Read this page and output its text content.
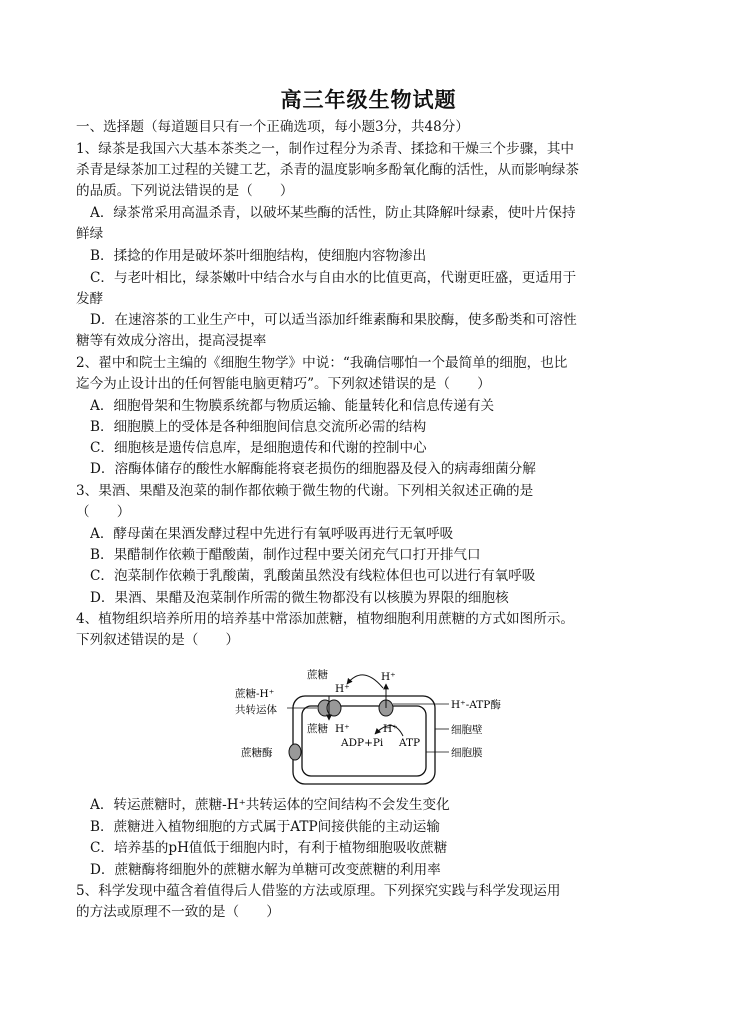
高三年级生物试题
一、选择题（每道题目只有一个正确选项，每小题3分，共48分）
1、绿茶是我国六大基本茶类之一，制作过程分为杀青、揉捻和干燥三个步骤，其中
杀青是绿茶加工过程的关键工艺，杀青的温度影响多酚氧化酶的活性，从而影响绿茶
的品质。下列说法错误的是（　　）
A．绿茶常采用高温杀青，以破坏某些酶的活性，防止其降解叶绿素，使叶片保持
鲜绿
B．揉捻的作用是破坏茶叶细胞结构，使细胞内容物渗出
C．与老叶相比，绿茶嫩叶中结合水与自由水的比值更高，代谢更旺盛，更适用于
发酵
D．在速溶茶的工业生产中，可以适当添加纤维素酶和果胶酶，使多酚类和可溶性
糖等有效成分溶出，提高浸提率
2、翟中和院士主编的《细胞生物学》中说：“我确信哪怕一个最简单的细胞，也比
迄今为止设计出的任何智能电脑更精巧”。下列叙述错误的是（　　）
A．细胞骨架和生物膜系统都与物质运输、能量转化和信息传递有关
B．细胞膜上的受体是各种细胞间信息交流所必需的结构
C．细胞核是遗传信息库，是细胞遗传和代谢的控制中心
D．溶酶体储存的酸性水解酶能将衰老损伤的细胞器及侵入的病毒细菌分解
3、果酒、果醋及泡菜的制作都依赖于微生物的代谢。下列相关叙述正确的是
（　　）
A．酵母菌在果酒发酵过程中先进行有氧呼吸再进行无氧呼吸
B．果醋制作依赖于醋酸菌，制作过程中要关闭充气口打开排气口
C．泡菜制作依赖于乳酸菌，乳酸菌虽然没有线粒体但也可以进行有氧呼吸
D．果酒、果醋及泡菜制作所需的微生物都没有以核膜为界限的细胞核
4、植物组织培养所用的培养基中常添加蔗糖，植物细胞利用蔗糖的方式如图所示。
下列叙述错误的是（　　）
蔗糖-H⁺
共转运体
蔗糖
H⁺
H⁺
H⁺-ATP酶
细胞壁
蔗糖酶	细胞膜
蔗糖 H⁺	H⁺
ADP+Pi ATP
A．转运蔗糖时，蔗糖-H⁺共转运体的空间结构不会发生变化
B．蔗糖进入植物细胞的方式属于ATP间接供能的主动运输
C．培养基的pH值低于细胞内时，有利于植物细胞吸收蔗糖
D．蔗糖酶将细胞外的蔗糖水解为单糖可改变蔗糖的利用率
5、科学发现中蕴含着值得后人借鉴的方法或原理。下列探究实践与科学发现运用
的方法或原理不一致的是（　　）
